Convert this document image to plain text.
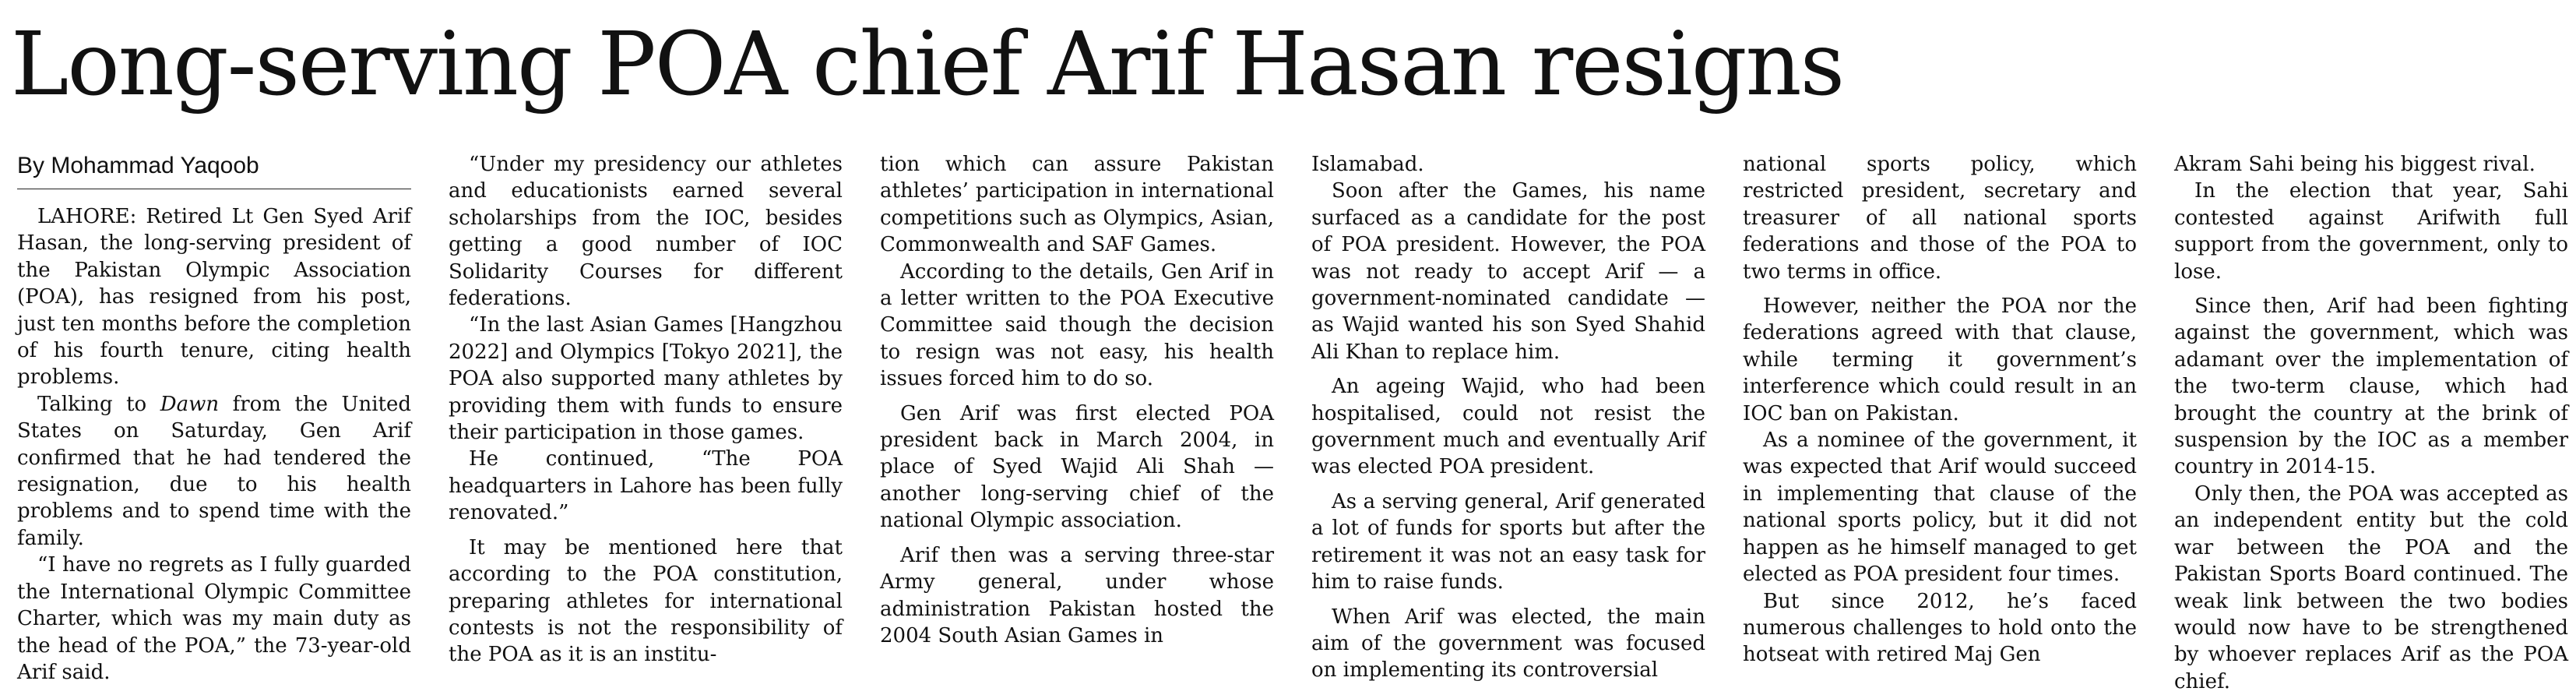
Long-serving POA chief Arif Hasan resigns
By Mohammad Yaqoob

LAHORE: Retired Lt Gen Syed Arif Hasan, the long-serving president of the Pakistan Olympic Association (POA), has resigned from his post, just ten months before the completion of his fourth tenure, citing health problems.

Talking to Dawn from the United States on Saturday, Gen Arif confirmed that he had tendered the resignation, due to his health problems and to spend time with the family.

“I have no regrets as I fully guarded the International Olympic Committee Charter, which was my main duty as the head of the POA,” the 73-year-old Arif said.

“Under my presidency our athletes and educationists earned several scholarships from the IOC, besides getting a good number of IOC Solidarity Courses for different federations.

“In the last Asian Games [Hangzhou 2022] and Olympics [Tokyo 2021], the POA also supported many athletes by providing them with funds to ensure their participation in those games.

He continued, “The POA headquarters in Lahore has been fully renovated.”

It may be mentioned here that according to the POA constitution, preparing athletes for international contests is not the responsibility of the POA as it is an institu-

tion which can assure Pakistan athletes’ participation in international competitions such as Olympics, Asian, Commonwealth and SAF Games.

According to the details, Gen Arif in a letter written to the POA Executive Committee said though the decision to resign was not easy, his health issues forced him to do so.

Gen Arif was first elected POA president back in March 2004, in place of Syed Wajid Ali Shah — another long-serving chief of the national Olympic association.

Arif then was a serving three-star Army general, under whose administration Pakistan hosted the 2004 South Asian Games in

Islamabad.

Soon after the Games, his name surfaced as a candidate for the post of POA president. However, the POA was not ready to accept Arif — a government-nominated candidate — as Wajid wanted his son Syed Shahid Ali Khan to replace him.

An ageing Wajid, who had been hospitalised, could not resist the government much and eventually Arif was elected POA president.

As a serving general, Arif generated a lot of funds for sports but after the retirement it was not an easy task for him to raise funds.

When Arif was elected, the main aim of the government was focused on implementing its controversial

national sports policy, which restricted president, secretary and treasurer of all national sports federations and those of the POA to two terms in office.

However, neither the POA nor the federations agreed with that clause, while terming it government’s interference which could result in an IOC ban on Pakistan.

As a nominee of the government, it was expected that Arif would succeed in implementing that clause of the national sports policy, but it did not happen as he himself managed to get elected as POA president four times.

But since 2012, he’s faced numerous challenges to hold onto the hotseat with retired Maj Gen

Akram Sahi being his biggest rival.

In the election that year, Sahi contested against Arifwith full support from the government, only to lose.

Since then, Arif had been fighting against the government, which was adamant over the implementation of the two-term clause, which had brought the country at the brink of suspension by the IOC as a member country in 2014-15.

Only then, the POA was accepted as an independent entity but the cold war between the POA and the Pakistan Sports Board continued. The weak link between the two bodies would now have to be strengthened by whoever replaces Arif as the POA chief.
